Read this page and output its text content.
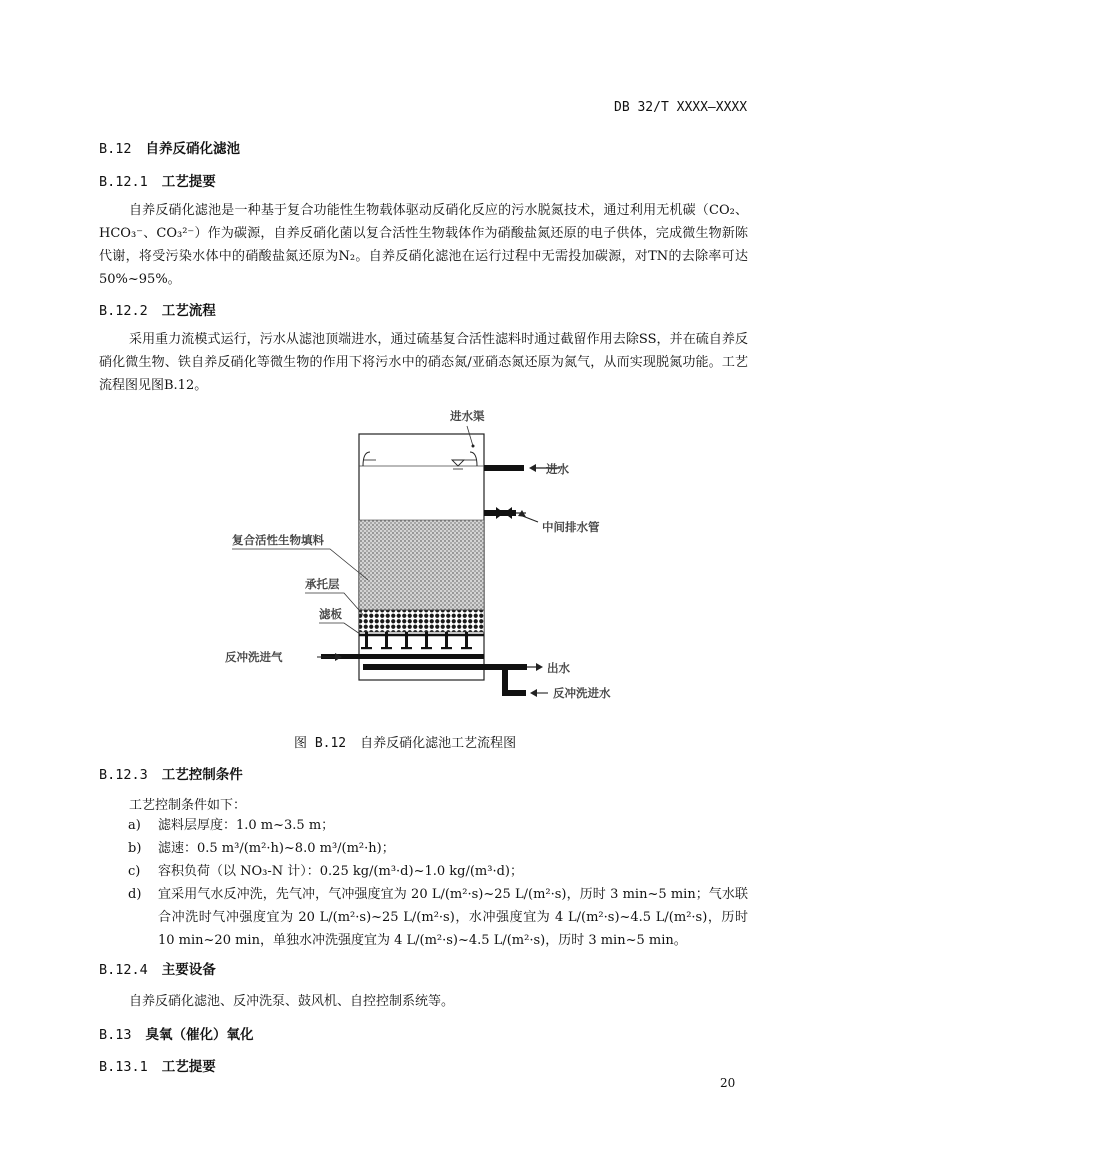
DB 32/T XXXX—XXXX
B.12 自养反硝化滤池
B.12.1 工艺提要

自养反硝化滤池是一种基于复合功能性生物载体驱动反硝化反应的污水脱氮技术，通过利用无机碳（CO₂、HCO₃⁻、CO₃²⁻）作为碳源，自养反硝化菌以复合活性生物载体作为硝酸盐氮还原的电子供体，完成微生物新陈代谢，将受污染水体中的硝酸盐氮还原为N₂。自养反硝化滤池在运行过程中无需投加碳源，对TN的去除率可达50%~95%。

B.12.2 工艺流程

采用重力流模式运行，污水从滤池顶端进水，通过硫基复合活性滤料时通过截留作用去除SS，并在硫自养反硝化微生物、铁自养反硝化等微生物的作用下将污水中的硝态氮/亚硝态氮还原为氮气，从而实现脱氮功能。工艺流程图见图B.12。

进水渠
进水
中间排水管
反冲洗进气
出水
反冲洗进水
复合活性生物填料
承托层
滤板
图 B.12 自养反硝化滤池工艺流程图
B.12.3 工艺控制条件
工艺控制条件如下：
a) 滤料层厚度：1.0 m~3.5 m；
b) 滤速：0.5 m³/(m²·h)~8.0 m³/(m²·h)；
c) 容积负荷（以 NO₃-N 计）：0.25 kg/(m³·d)~1.0 kg/(m³·d)；
d) 宜采用气水反冲洗，先气冲，气冲强度宜为 20 L/(m²·s)~25 L/(m²·s)，历时 3 min~5 min；气水联合冲洗时气冲强度宜为 20 L/(m²·s)~25 L/(m²·s)，水冲强度宜为 4 L/(m²·s)~4.5 L/(m²·s)，历时 10 min~20 min，单独水冲洗强度宜为 4 L/(m²·s)~4.5 L/(m²·s)，历时 3 min~5 min。
B.12.4 主要设备
自养反硝化滤池、反冲洗泵、鼓风机、自控控制系统等。
B.13 臭氧（催化）氧化
B.13.1 工艺提要
20
